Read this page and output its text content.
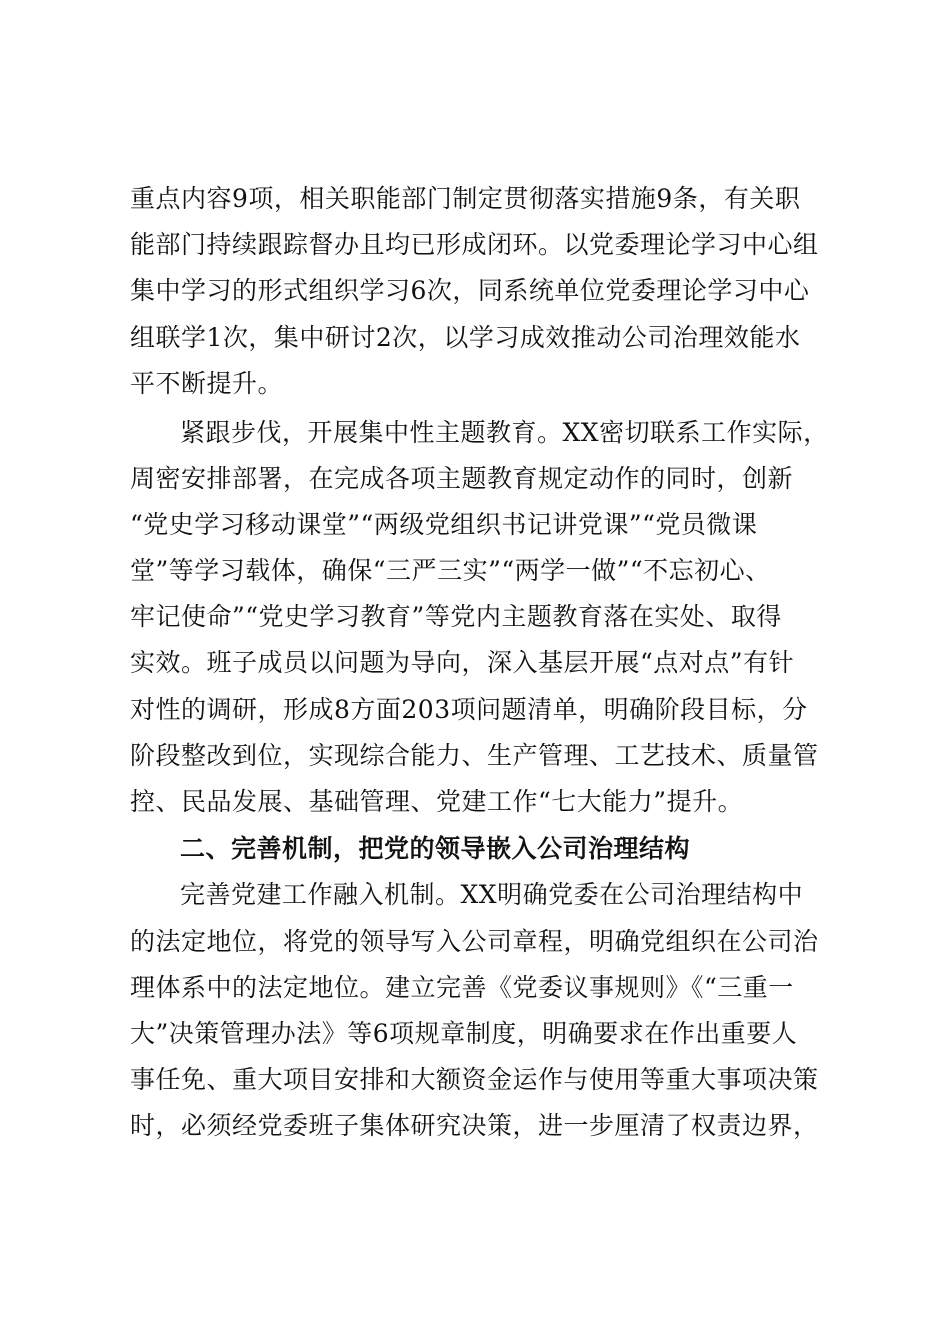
重点内容9项，相关职能部门制定贯彻落实措施9条，有关职
能部门持续跟踪督办且均已形成闭环。以党委理论学习中心组
集中学习的形式组织学习6次，同系统单位党委理论学习中心
组联学1次，集中研讨2次，以学习成效推动公司治理效能水
平不断提升。
紧跟步伐，开展集中性主题教育。XX密切联系工作实际，
周密安排部署，在完成各项主题教育规定动作的同时，创新
“党史学习移动课堂”“两级党组织书记讲党课”“党员微课
堂”等学习载体，确保“三严三实”“两学一做”“不忘初心、
牢记使命”“党史学习教育”等党内主题教育落在实处、取得
实效。班子成员以问题为导向，深入基层开展“点对点”有针
对性的调研，形成8方面203项问题清单，明确阶段目标，分
阶段整改到位，实现综合能力、生产管理、工艺技术、质量管
控、民品发展、基础管理、党建工作“七大能力”提升。
二、完善机制，把党的领导嵌入公司治理结构
完善党建工作融入机制。XX明确党委在公司治理结构中
的法定地位，将党的领导写入公司章程，明确党组织在公司治
理体系中的法定地位。建立完善《党委议事规则》《“三重一
大”决策管理办法》等6项规章制度，明确要求在作出重要人
事任免、重大项目安排和大额资金运作与使用等重大事项决策
时，必须经党委班子集体研究决策，进一步厘清了权责边界，
